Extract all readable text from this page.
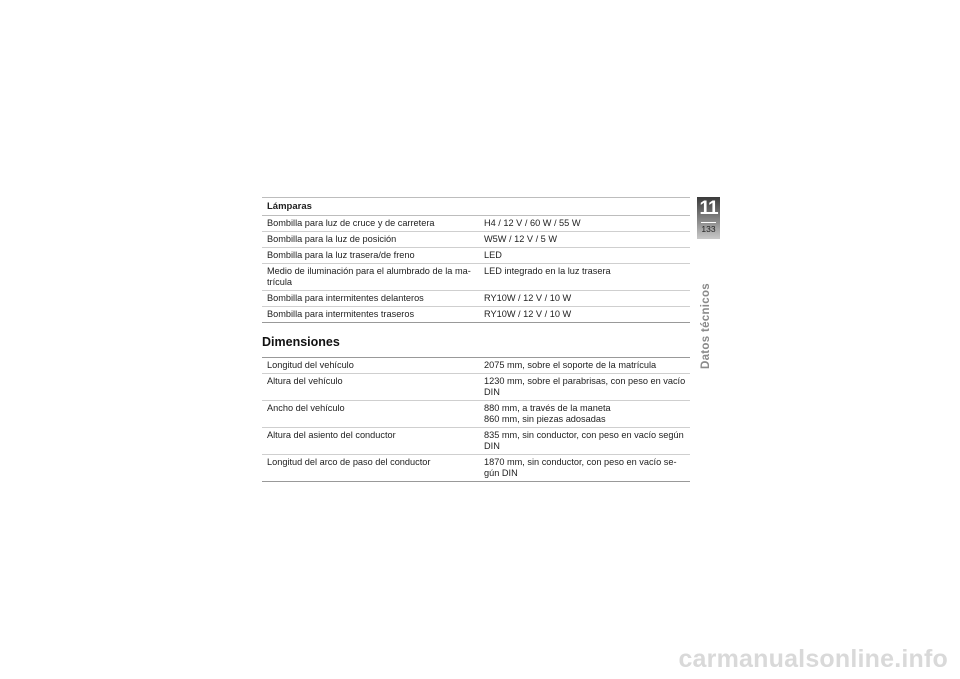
Lámparas	
Bombilla para luz de cruce y de carretera	H4 / 12 V / 60 W / 55 W
Bombilla para la luz de posición	W5W / 12 V / 5 W
Bombilla para la luz trasera/de freno	LED
Medio de iluminación para el alumbrado de la ma-
trícula	LED integrado en la luz trasera
Bombilla para intermitentes delanteros	RY10W / 12 V / 10 W
Bombilla para intermitentes traseros	RY10W / 12 V / 10 W
Dimensiones
Longitud del vehículo	2075 mm, sobre el soporte de la matrícula
Altura del vehículo	1230 mm, sobre el parabrisas, con peso en vacío
DIN
Ancho del vehículo	880 mm, a través de la maneta
860 mm, sin piezas adosadas
Altura del asiento del conductor	835 mm, sin conductor, con peso en vacío según
DIN
Longitud del arco de paso del conductor	1870 mm, sin conductor, con peso en vacío se-
gún DIN
11
133
Datos técnicos
carmanualsonline.info
